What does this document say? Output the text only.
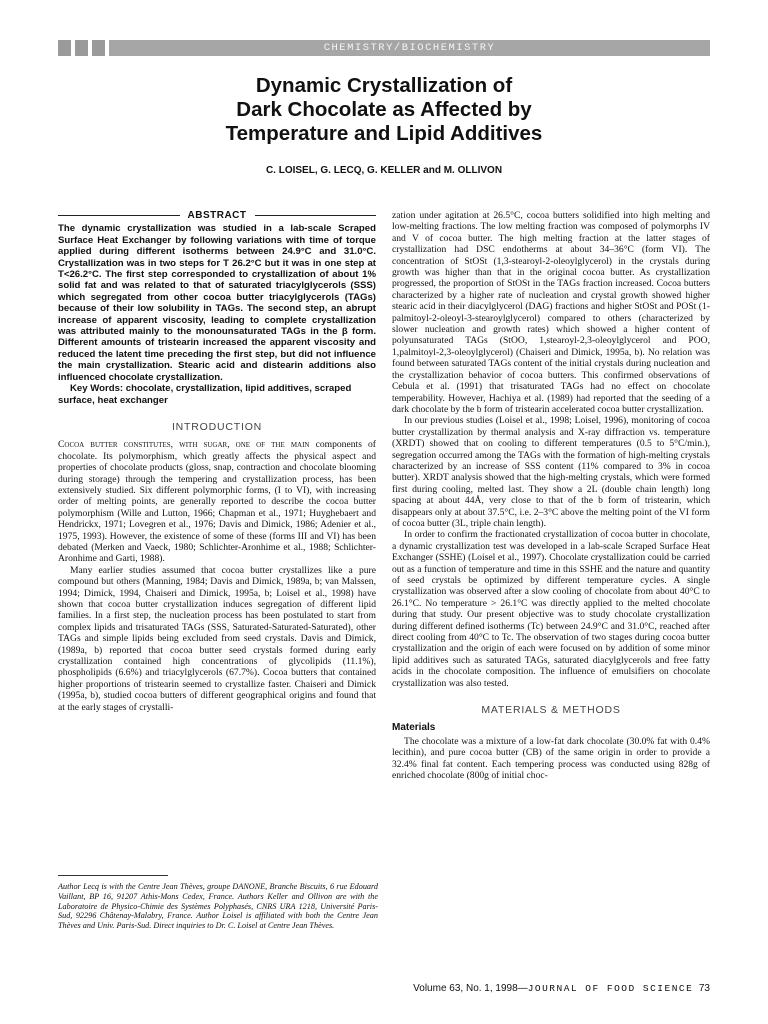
CHEMISTRY/BIOCHEMISTRY
Dynamic Crystallization of
Dark Chocolate as Affected by
Temperature and Lipid Additives
C. LOISEL, G. LECQ, G. KELLER and M. OLLIVON
ABSTRACT

The dynamic crystallization was studied in a lab-scale Scraped Surface Heat Exchanger by following variations with time of torque applied during different isotherms between 24.9°C and 31.0°C. Crystallization was in two steps for T 26.2°C but it was in one step at T<26.2°C. The first step corresponded to crystallization of about 1% solid fat and was related to that of saturated triacylglycerols (SSS) which segregated from other cocoa butter triacylglycerols (TAGs) because of their low solubility in TAGs. The second step, an abrupt increase of apparent viscosity, leading to complete crystallization was attributed mainly to the monounsaturated TAGs in the β form. Different amounts of tristearin increased the apparent viscosity and reduced the latent time preceding the first step, but did not influence the main crystallization. Stearic acid and distearin additions also influenced chocolate crystallization.

Key Words: chocolate, crystallization, lipid additives, scraped surface, heat exchanger

INTRODUCTION

Cocoa butter constitutes, with sugar, one of the main components of chocolate. Its polymorphism, which greatly affects the physical aspect and properties of chocolate products (gloss, snap, contraction and chocolate blooming during storage) through the tempering and crystallization process, has been extensively studied. Six different polymorphic forms, (I to VI), with increasing order of melting points, are generally reported to describe the cocoa butter polymorphism (Wille and Lutton, 1966; Chapman et al., 1971; Huyghebaert and Hendrickx, 1971; Lovegren et al., 1976; Davis and Dimick, 1986; Adenier et al., 1975, 1993). However, the existence of some of these (forms III and VI) has been debated (Merken and Vaeck, 1980; Schlichter-Aronhime et al., 1988; Schlichter-Aronhime and Garti, 1988).

Many earlier studies assumed that cocoa butter crystallizes like a pure compound but others (Manning, 1984; Davis and Dimick, 1989a, b; van Malssen, 1994; Dimick, 1994, Chaiseri and Dimick, 1995a, b; Loisel et al., 1998) have shown that cocoa butter crystallization induces segregation of different lipid families. In a first step, the nucleation process has been postulated to start from complex lipids and trisaturated TAGs (SSS, Saturated-Saturated-Saturated), other TAGs and simple lipids being excluded from seed crystals. Davis and Dimick, (1989a, b) reported that cocoa butter seed crystals formed during early crystallization contained high concentrations of glycolipids (11.1%), phospholipids (6.6%) and triacylglycerols (67.7%). Cocoa butters that contained higher proportions of tristearin seemed to crystallize faster. Chaiseri and Dimick (1995a, b), studied cocoa butters of different geographical origins and found that at the early stages of crystalli-

Author Lecq is with the Centre Jean Thèves, groupe DANONE, Branche Biscuits, 6 rue Edouard Vaillant, BP 16, 91207 Athis-Mons Cedex, France. Authors Keller and Ollivon are with the Laboratoire de Physico-Chimie des Systèmes Polyphasés, CNRS URA 1218, Université Paris-Sud, 92296 Châtenay-Malabry, France. Author Loisel is affiliated with both the Centre Jean Thèves and Univ. Paris-Sud. Direct inquiries to Dr. C. Loisel at Centre Jean Thèves.

zation under agitation at 26.5°C, cocoa butters solidified into high melting and low-melting fractions. The low melting fraction was composed of polymorphs IV and V of cocoa butter. The high melting fraction at the latter stages of crystallization had DSC endotherms at about 34–36°C (form VI). The concentration of StOSt (1,3-stearoyl-2-oleoylglycerol) in the crystals during growth was higher than that in the original cocoa butter. As crystallization progressed, the proportion of StOSt in the TAGs fraction increased. Cocoa butters characterized by a higher rate of nucleation and crystal growth showed higher stearic acid in their diacylglycerol (DAG) fractions and higher StOSt and POSt (1-palmitoyl-2-oleoyl-3-stearoylglycerol) compared to others (characterized by slower nucleation and growth rates) which showed a higher content of polyunsaturated TAGs (StOO, 1,stearoyl-2,3-oleoylglycerol and POO, 1,palmitoyl-2,3-oleoylglycerol) (Chaiseri and Dimick, 1995a, b). No relation was found between saturated TAGs content of the initial crystals during nucleation and the crystallization behavior of cocoa butters. This confirmed observations of Cebula et al. (1991) that trisaturated TAGs had no effect on chocolate temperability. However, Hachiya et al. (1989) had reported that the seeding of a dark chocolate by the b form of tristearin accelerated cocoa butter crystallization.

In our previous studies (Loisel et al., 1998; Loisel, 1996), monitoring of cocoa butter crystallization by thermal analysis and X-ray diffraction vs. temperature (XRDT) showed that on cooling to different temperatures (0.5 to 5°C/min.), segregation occurred among the TAGs with the formation of high-melting crystals characterized by an increase of SSS content (11% compared to 3% in cocoa butter). XRDT analysis showed that the high-melting crystals, which were formed first during cooling, melted last. They show a 2L (double chain length) long spacing at about 44Å, very close to that of the b form of tristearin, which disappears only at about 37.5°C, i.e. 2–3°C above the melting point of the VI form of cocoa butter (3L, triple chain length).

In order to confirm the fractionated crystallization of cocoa butter in chocolate, a dynamic crystallization test was developed in a lab-scale Scraped Surface Heat Exchanger (SSHE) (Loisel et al., 1997). Chocolate crystallization could be carried out as a function of temperature and time in this SSHE and the nature and quantity of seed crystals be optimized by different temperature cycles. A single crystallization was observed after a slow cooling of chocolate from about 40°C to 26.1°C. No temperature > 26.1°C was directly applied to the melted chocolate during that study. Our present objective was to study chocolate crystallization during different defined isotherms (Tc) between 24.9°C and 31.0°C, reached after direct cooling from 40°C to Tc. The observation of two stages during cocoa butter crystallization and the origin of each were focused on by addition of some minor lipid additives such as saturated TAGs, saturated diacylglycerols and free fatty acids in the chocolate composition. The influence of emulsifiers on chocolate crystallization was also tested.

MATERIALS & METHODS
Materials

The chocolate was a mixture of a low-fat dark chocolate (30.0% fat with 0.4% lecithin), and pure cocoa butter (CB) of the same origin in order to provide a 32.4% final fat content. Each tempering process was conducted using 828g of enriched chocolate (800g of initial choc-

Volume 63, No. 1, 1998—JOURNAL OF FOOD SCIENCE 73
